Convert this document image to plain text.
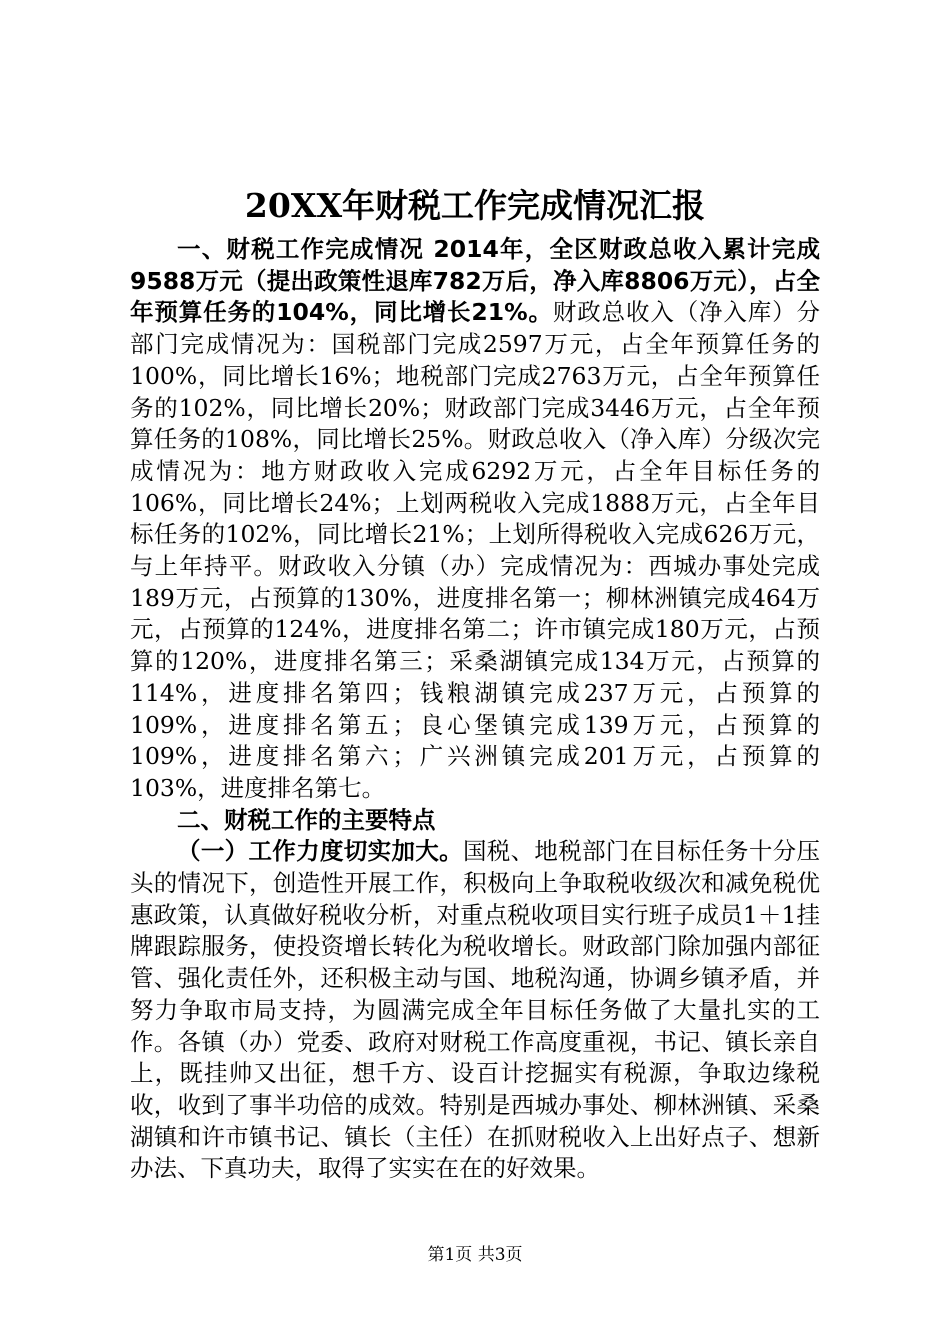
20XX年财税工作完成情况汇报

一、财税工作完成情况 2014年，全区财政总收入累计完成9588万元（提出政策性退库782万后，净入库8806万元），占全年预算任务的104%，同比增长21%。财政总收入（净入库）分部门完成情况为：国税部门完成2597万元，占全年预算任务的100%，同比增长16%；地税部门完成2763万元，占全年预算任务的102%，同比增长20%；财政部门完成3446万元，占全年预算任务的108%，同比增长25%。财政总收入（净入库）分级次完成情况为：地方财政收入完成6292万元，占全年目标任务的106%，同比增长24%；上划两税收入完成1888万元，占全年目标任务的102%，同比增长21%；上划所得税收入完成626万元，与上年持平。财政收入分镇（办）完成情况为：西城办事处完成189万元，占预算的130%，进度排名第一；柳林洲镇完成464万元，占预算的124%，进度排名第二；许市镇完成180万元，占预算的120%，进度排名第三；采桑湖镇完成134万元，占预算的114%，进度排名第四；钱粮湖镇完成237万元，占预算的109%，进度排名第五；良心堡镇完成139万元，占预算的109%，进度排名第六；广兴洲镇完成201万元，占预算的103%，进度排名第七。

二、财税工作的主要特点

（一）工作力度切实加大。国税、地税部门在目标任务十分压头的情况下，创造性开展工作，积极向上争取税收级次和减免税优惠政策，认真做好税收分析，对重点税收项目实行班子成员1＋1挂牌跟踪服务，使投资增长转化为税收增长。财政部门除加强内部征管、强化责任外，还积极主动与国、地税沟通，协调乡镇矛盾，并努力争取市局支持，为圆满完成全年目标任务做了大量扎实的工作。各镇（办）党委、政府对财税工作高度重视，书记、镇长亲自上，既挂帅又出征，想千方、设百计挖掘实有税源，争取边缘税收，收到了事半功倍的成效。特别是西城办事处、柳林洲镇、采桑湖镇和许市镇书记、镇长（主任）在抓财税收入上出好点子、想新办法、下真功夫，取得了实实在在的好效果。

第1页 共3页
